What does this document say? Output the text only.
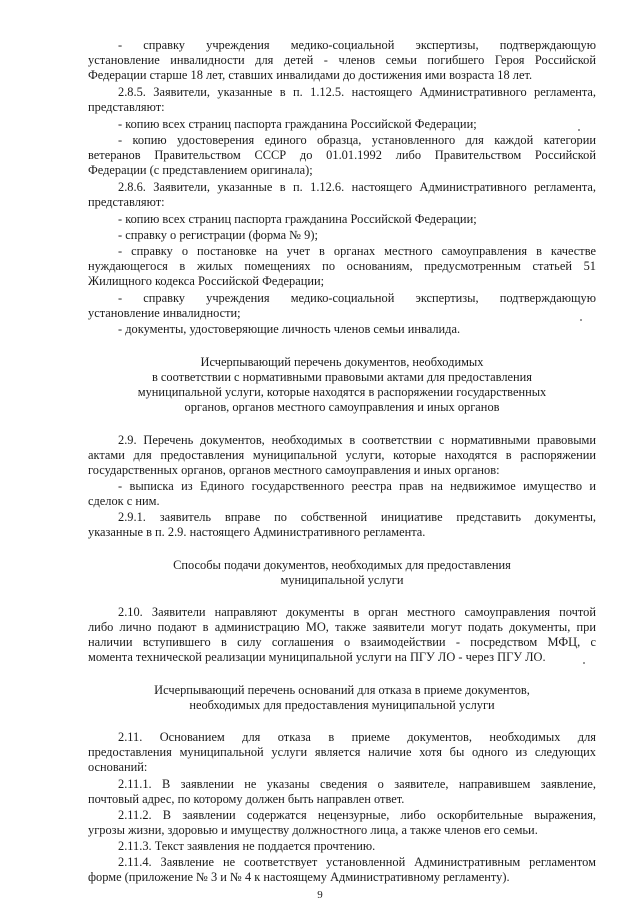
- справку учреждения медико-социальной экспертизы, подтверждающую
установление инвалидности для детей - членов семьи погибшего Героя Российской
Федерации старше 18 лет, ставших инвалидами до достижения ими возраста 18 лет.
2.8.5. Заявители, указанные в п. 1.12.5. настоящего Административного регламента,
представляют:
- копию всех страниц паспорта гражданина Российской Федерации;
- копию удостоверения единого образца, установленного для каждой категории
ветеранов Правительством СССР до 01.01.1992 либо Правительством Российской
Федерации (с представлением оригинала);
2.8.6. Заявители, указанные в п. 1.12.6. настоящего Административного регламента,
представляют:
- копию всех страниц паспорта гражданина Российской Федерации;
- справку о регистрации (форма № 9);
- справку о постановке на учет в органах местного самоуправления в качестве
нуждающегося в жилых помещениях по основаниям, предусмотренным статьей 51
Жилищного кодекса Российской Федерации;
- справку учреждения медико-социальной экспертизы, подтверждающую
установление инвалидности;
- документы, удостоверяющие личность членов семьи инвалида.
Исчерпывающий перечень документов, необходимых
в соответствии с нормативными правовыми актами для предоставления
муниципальной услуги, которые находятся в распоряжении государственных
органов, органов местного самоуправления и иных органов
2.9. Перечень документов, необходимых в соответствии с нормативными правовыми
актами для предоставления муниципальной услуги, которые находятся в распоряжении
государственных органов, органов местного самоуправления и иных органов:
- выписка из Единого государственного реестра прав на недвижимое имущество и
сделок с ним.
2.9.1. заявитель вправе по собственной инициативе представить документы,
указанные в п. 2.9. настоящего Административного регламента.
Способы подачи документов, необходимых для предоставления
муниципальной услуги
2.10. Заявители направляют документы в орган местного самоуправления почтой
либо лично подают в администрацию МО, также заявители могут подать документы, при
наличии вступившего в силу соглашения о взаимодействии - посредством МФЦ, с
момента технической реализации муниципальной услуги на ПГУ ЛО - через ПГУ ЛО.
Исчерпывающий перечень оснований для отказа в приеме документов,
необходимых для предоставления муниципальной услуги
2.11. Основанием для отказа в приеме документов, необходимых для
предоставления муниципальной услуги является наличие хотя бы одного из следующих
оснований:
2.11.1. В заявлении не указаны сведения о заявителе, направившем заявление,
почтовый адрес, по которому должен быть направлен ответ.
2.11.2. В заявлении содержатся нецензурные, либо оскорбительные выражения,
угрозы жизни, здоровью и имуществу должностного лица, а также членов его семьи.
2.11.3. Текст заявления не поддается прочтению.
2.11.4. Заявление не соответствует установленной Административным регламентом
форме (приложение № 3 и № 4 к настоящему Административному регламенту).
9
